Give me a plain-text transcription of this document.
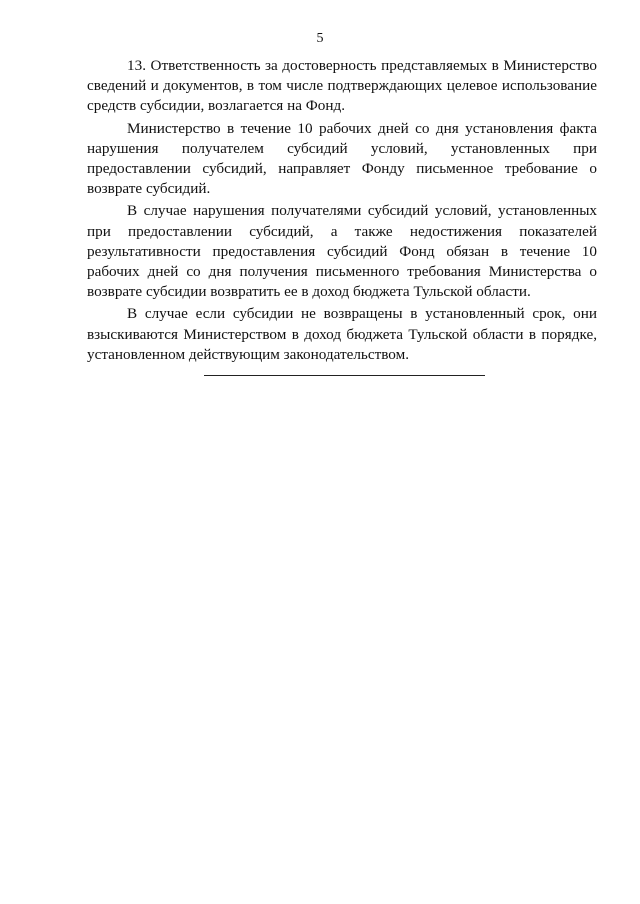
5

13. Ответственность за достоверность представляемых в Министерство сведений и документов, в том числе подтверждающих целевое использование средств субсидии, возлагается на Фонд.

Министерство в течение 10 рабочих дней со дня установления факта нарушения получателем субсидий условий, установленных при предоставлении субсидий, направляет Фонду письменное требование о возврате субсидий.

В случае нарушения получателями субсидий условий, установленных при предоставлении субсидий, а также недостижения показателей результативности предоставления субсидий Фонд обязан в течение 10 рабочих дней со дня получения письменного требования Министерства о возврате субсидии возвратить ее в доход бюджета Тульской области.

В случае если субсидии не возвращены в установленный срок, они взыскиваются Министерством в доход бюджета Тульской области в порядке, установленном действующим законодательством.
